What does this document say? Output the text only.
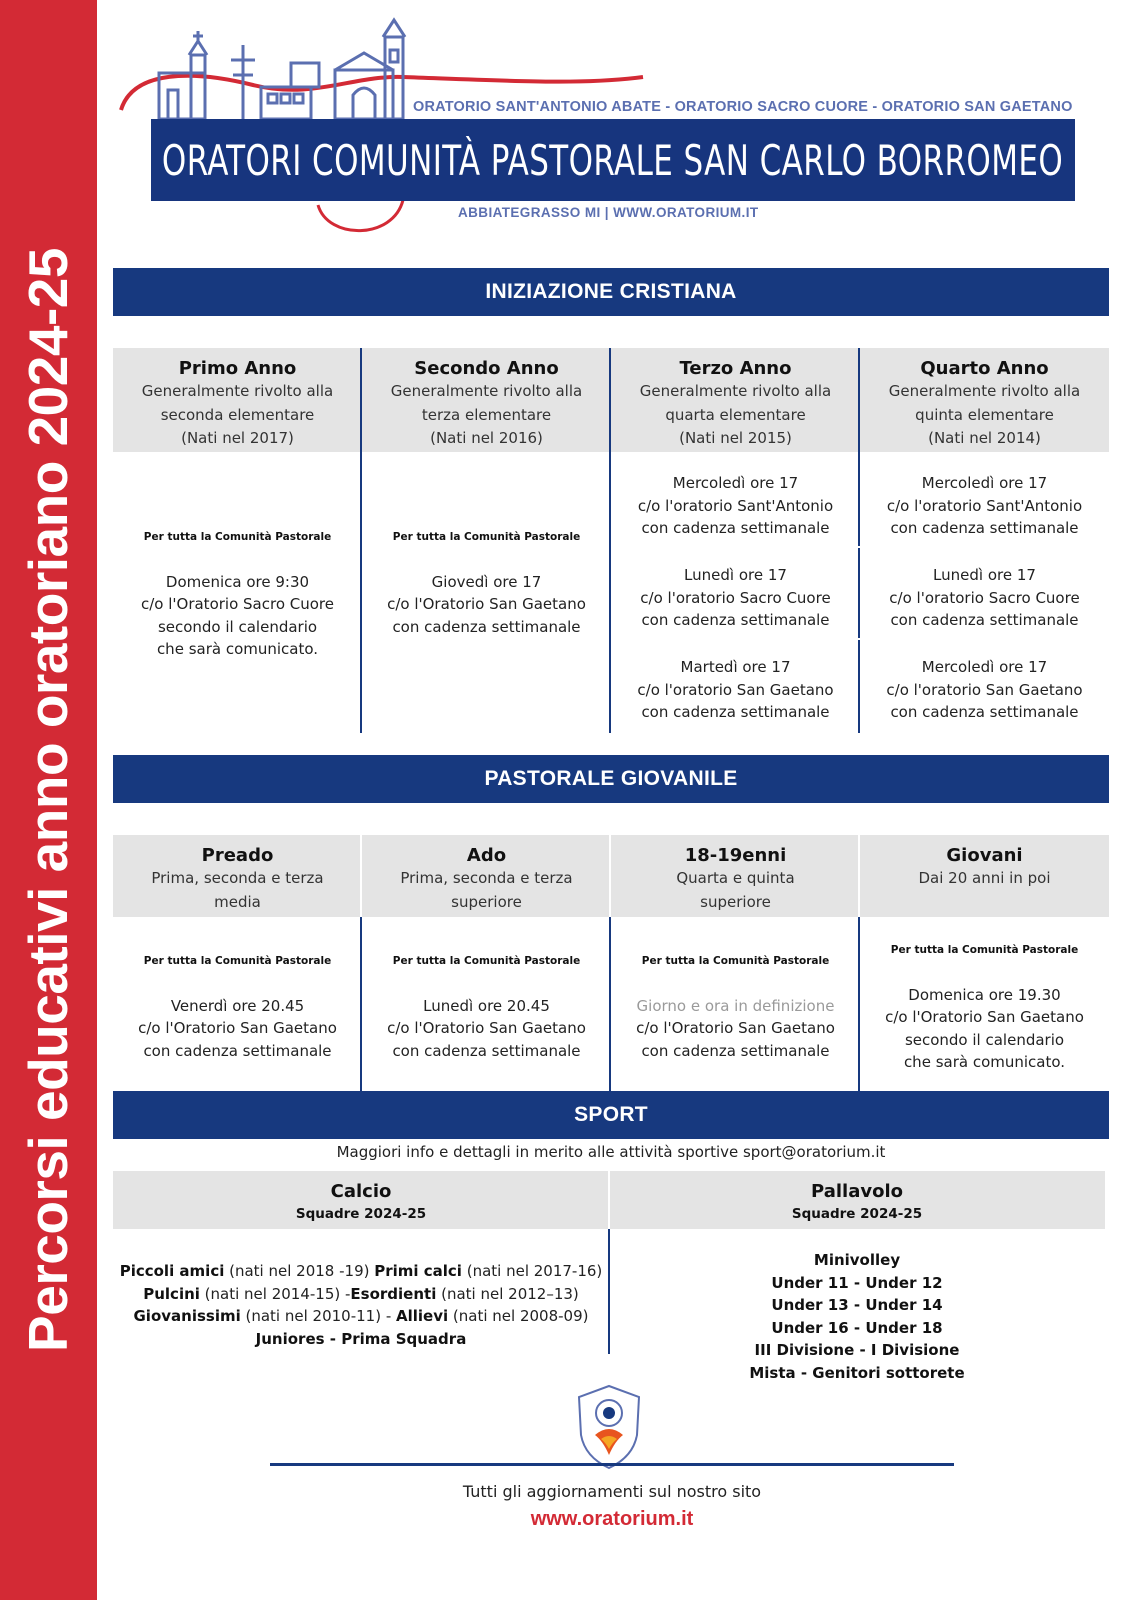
Percorsi educativi anno oratoriano 2024-25
ORATORIO SANT'ANTONIO ABATE - ORATORIO SACRO CUORE - ORATORIO SAN GAETANO
ORATORI COMUNITÀ PASTORALE SAN CARLO BORROMEO
ABBIATEGRASSO MI | WWW.ORATORIUM.IT
INIZIAZIONE CRISTIANA
Primo Anno
Generalmente rivolto alla
seconda elementare
(Nati nel 2017)
Secondo Anno
Generalmente rivolto alla
terza elementare
(Nati nel 2016)
Terzo Anno
Generalmente rivolto alla
quarta elementare
(Nati nel 2015)
Quarto Anno
Generalmente rivolto alla
quinta elementare
(Nati nel 2014)
Per tutta la Comunità Pastorale
Domenica ore 9:30
c/o l'Oratorio Sacro Cuore
secondo il calendario
che sarà comunicato.
Per tutta la Comunità Pastorale
Giovedì ore 17
c/o l'Oratorio San Gaetano
con cadenza settimanale
Mercoledì ore 17
c/o l'oratorio Sant'Antonio
con cadenza settimanale
Lunedì ore 17
c/o l'oratorio Sacro Cuore
con cadenza settimanale
Martedì ore 17
c/o l'oratorio San Gaetano
con cadenza settimanale
Mercoledì ore 17
c/o l'oratorio Sant'Antonio
con cadenza settimanale
Lunedì ore 17
c/o l'oratorio Sacro Cuore
con cadenza settimanale
Mercoledì ore 17
c/o l'oratorio San Gaetano
con cadenza settimanale
PASTORALE GIOVANILE
Preado
Prima, seconda e terza
media
Ado
Prima, seconda e terza
superiore
18-19enni
Quarta e quinta
superiore
Giovani
Dai 20 anni in poi
Per tutta la Comunità Pastorale
Venerdì ore 20.45
c/o l'Oratorio San Gaetano
con cadenza settimanale
Per tutta la Comunità Pastorale
Lunedì ore 20.45
c/o l'Oratorio San Gaetano
con cadenza settimanale
Per tutta la Comunità Pastorale
Giorno e ora in definizione
c/o l'Oratorio San Gaetano
con cadenza settimanale
Per tutta la Comunità Pastorale
Domenica ore 19.30
c/o l'Oratorio San Gaetano
secondo il calendario
che sarà comunicato.
SPORT
Maggiori info e dettagli in merito alle attività sportive sport@oratorium.it
Calcio
Squadre 2024-25
Pallavolo
Squadre 2024-25
Piccoli amici (nati nel 2018 -19) Primi calci (nati nel 2017-16)
Pulcini (nati nel 2014-15) -Esordienti (nati nel 2012–13)
Giovanissimi (nati nel 2010-11) - Allievi (nati nel 2008-09)
Juniores - Prima Squadra
Minivolley
Under 11 - Under 12
Under 13 - Under 14
Under 16 - Under 18
III Divisione - I Divisione
Mista - Genitori sottorete
Tutti gli aggiornamenti sul nostro sito
www.oratorium.it
